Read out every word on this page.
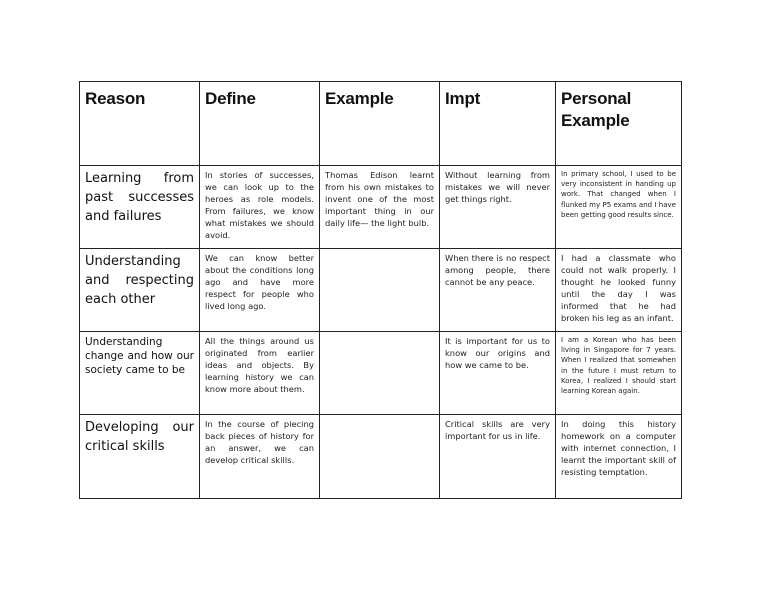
Reason	Define	Example	Impt	Personal Example
Learning from past successes and failures	In stories of successes, we can look up to the heroes as role models. From failures, we know what mistakes we should avoid.	Thomas Edison learnt from his own mistakes to invent one of the most important thing in our daily life— the light bulb.	Without learning from mistakes we will never get things right.	In primary school, I used to be very inconsistent in handing up work. That changed when I flunked my P5 exams and I have been getting good results since.

Understanding and respecting each other	We can know better about the conditions long ago and have more respect for people who lived long ago.		When there is no respect among people, there cannot be any peace.	I had a classmate who could not walk properly. I thought he looked funny until the day I was informed that he had broken his leg as an infant.

Understanding change and how our society came to be	All the things around us originated from earlier ideas and objects. By learning history we can know more about them.		It is important for us to know our origins and how we came to be.	I am a Korean who has been living in Singapore for 7 years. When I realized that somewhen in the future I must return to Korea, I realized I should start learning Korean again.

Developing our critical skills	In the course of piecing back pieces of history for an answer, we can develop critical skills.		Critical skills are very important for us in life.	In doing this history homework on a computer with internet connection, I learnt the important skill of resisting temptation.
